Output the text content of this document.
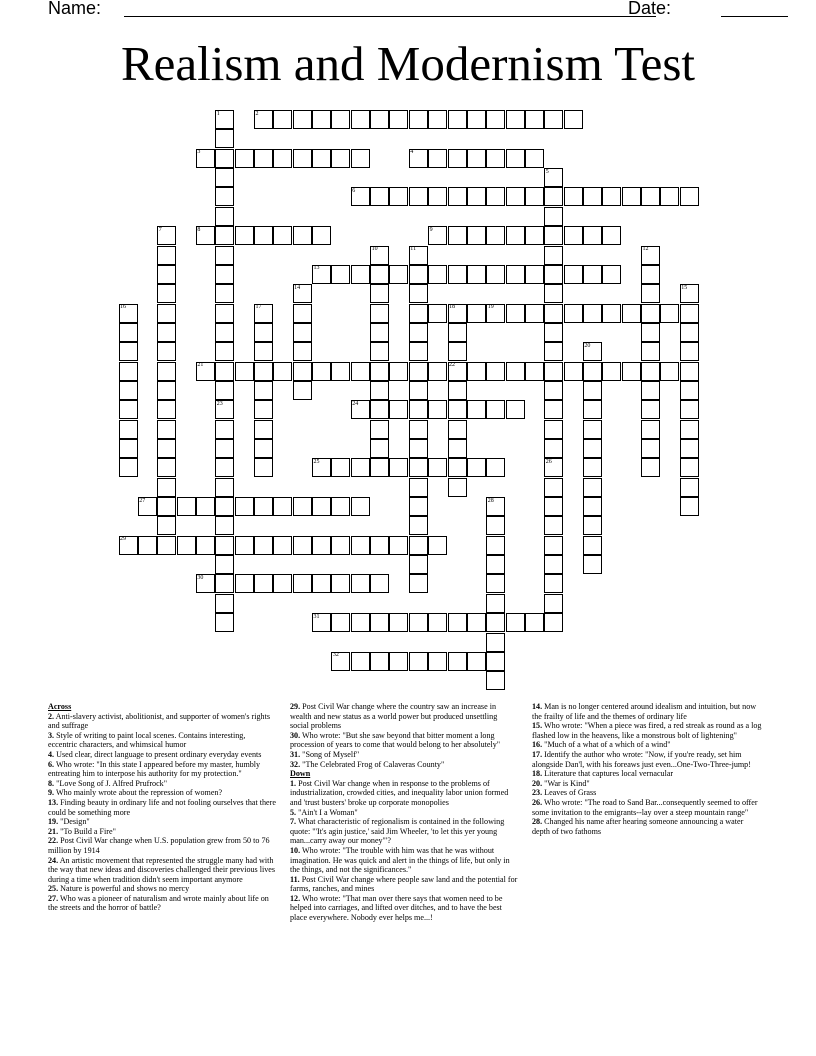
Name:	Date:
Realism and Modernism Test
1	2
3	4
5
6
7	8	9
10	11	12
13
14	15
16	17	18	19
20
21	22
23	24
25	26
27	28
29
30
31
32

Across

2. Anti-slavery activist, abolitionist, and supporter of women's rights and suffrage

3. Style of writing to paint local scenes. Contains interesting, eccentric characters, and whimsical humor

4. Used clear, direct language to present ordinary everyday events

6. Who wrote: "In this state I appeared before my master, humbly entreating him to interpose his authority for my protection."

8. "Love Song of J. Alfred Prufrock"

9. Who mainly wrote about the repression of women?

13. Finding beauty in ordinary life and not fooling ourselves that there could be something more

19. "Design"

21. "To Build a Fire"

22. Post Civil War change when U.S. population grew from 50 to 76 million by 1914

24. An artistic movement that represented the struggle many had with the way that new ideas and discoveries challenged their previous lives during a time when tradition didn't seem important anymore

25. Nature is powerful and shows no mercy

27. Who was a pioneer of naturalism and wrote mainly about life on the streets and the horror of battle?

29. Post Civil War change where the country saw an increase in wealth and new status as a world power but produced unsettling social problems

30. Who wrote: "But she saw beyond that bitter moment a long procession of years to come that would belong to her absolutely"

31. "Song of Myself"

32. "The Celebrated Frog of Calaveras County"

Down

1. Post Civil War change when in response to the problems of industrialization, crowded cities, and inequality labor union formed and 'trust busters' broke up corporate monopolies

5. "Ain't I a Woman"

7. What characteristic of regionalism is contained in the following quote: "'It's agin justice,' said Jim Wheeler, 'to let this yer young man...carry away our money'"?

10. Who wrote: "The trouble with him was that he was without imagination. He was quick and alert in the things of life, but only in the things, and not the significances."

11. Post Civil War change where people saw land and the potential for farms, ranches, and mines

12. Who wrote: "That man over there says that women need to be helped into carriages, and lifted over ditches, and to have the best place everywhere. Nobody ever helps me...!

14. Man is no longer centered around idealism and intuition, but now the frailty of life and the themes of ordinary life

15. Who wrote: "When a piece was fired, a red streak as round as a log flashed low in the heavens, like a monstrous bolt of lightening"

16. "Much of a what of a which of a wind"

17. Identify the author who wrote: "Now, if you're ready, set him alongside Dan'l, with his foreaws just even...One-Two-Three-jump!

18. Literature that captures local vernacular

20. "War is Kind"

23. Leaves of Grass

26. Who wrote: "The road to Sand Bar...consequently seemed to offer some invitation to the emigrants--lay over a steep mountain range"

28. Changed his name after hearing someone announcing a water depth of two fathoms
